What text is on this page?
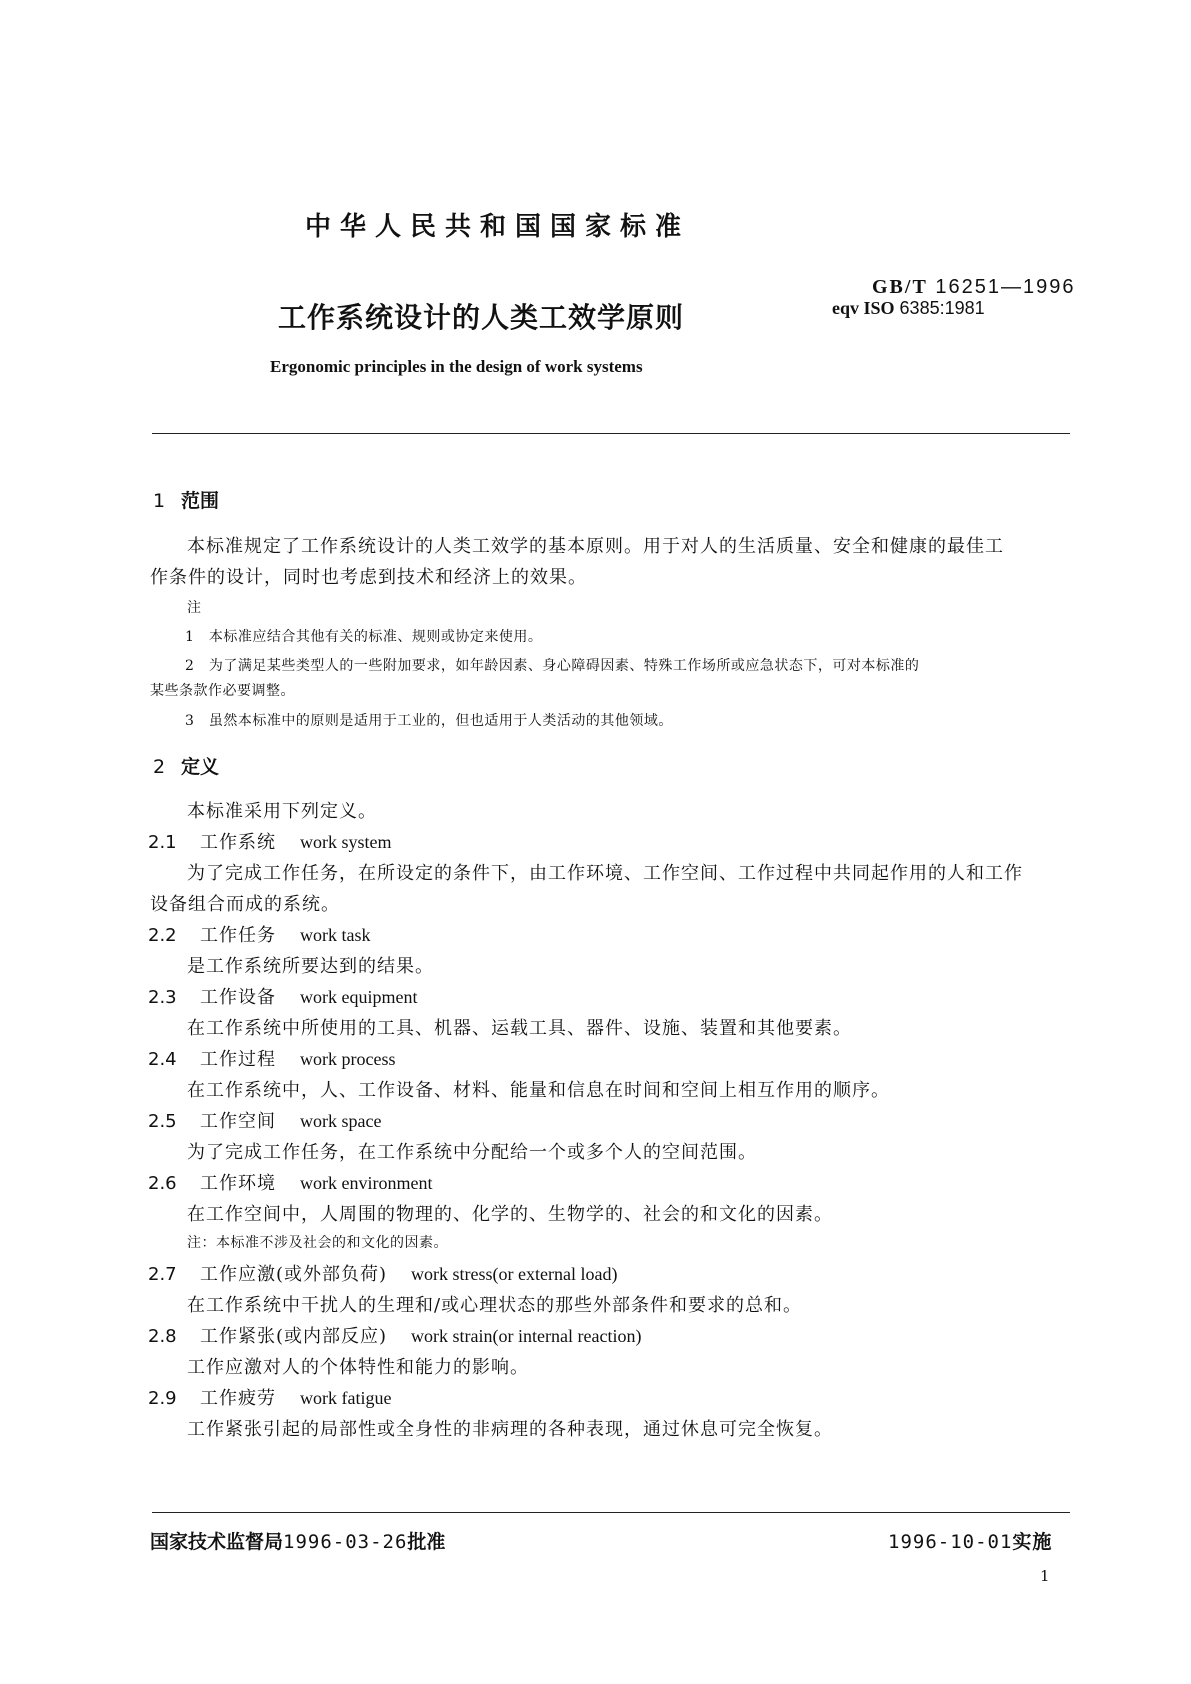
中华人民共和国国家标准
GB/T 16251—1996
eqv ISO 6385:1981
工作系统设计的人类工效学原则
Ergonomic principles in the design of work systems
1 范围
本标准规定了工作系统设计的人类工效学的基本原则。用于对人的生活质量、安全和健康的最佳工
作条件的设计，同时也考虑到技术和经济上的效果。
注
1　本标准应结合其他有关的标准、规则或协定来使用。
2　为了满足某些类型人的一些附加要求，如年龄因素、身心障碍因素、特殊工作场所或应急状态下，可对本标准的
某些条款作必要调整。
3　虽然本标准中的原则是适用于工业的，但也适用于人类活动的其他领域。
2 定义
本标准采用下列定义。
2.1 工作系统 work system
为了完成工作任务，在所设定的条件下，由工作环境、工作空间、工作过程中共同起作用的人和工作
设备组合而成的系统。
2.2 工作任务 work task
是工作系统所要达到的结果。
2.3 工作设备 work equipment
在工作系统中所使用的工具、机器、运载工具、器件、设施、装置和其他要素。
2.4 工作过程 work process
在工作系统中，人、工作设备、材料、能量和信息在时间和空间上相互作用的顺序。
2.5 工作空间 work space
为了完成工作任务，在工作系统中分配给一个或多个人的空间范围。
2.6 工作环境 work environment
在工作空间中，人周围的物理的、化学的、生物学的、社会的和文化的因素。
注：本标准不涉及社会的和文化的因素。
2.7 工作应激(或外部负荷) work stress(or external load)
在工作系统中干扰人的生理和/或心理状态的那些外部条件和要求的总和。
2.8 工作紧张(或内部反应) work strain(or internal reaction)
工作应激对人的个体特性和能力的影响。
2.9 工作疲劳 work fatigue
工作紧张引起的局部性或全身性的非病理的各种表现，通过休息可完全恢复。
国家技术监督局1996-03-26批准	1996-10-01实施
1
